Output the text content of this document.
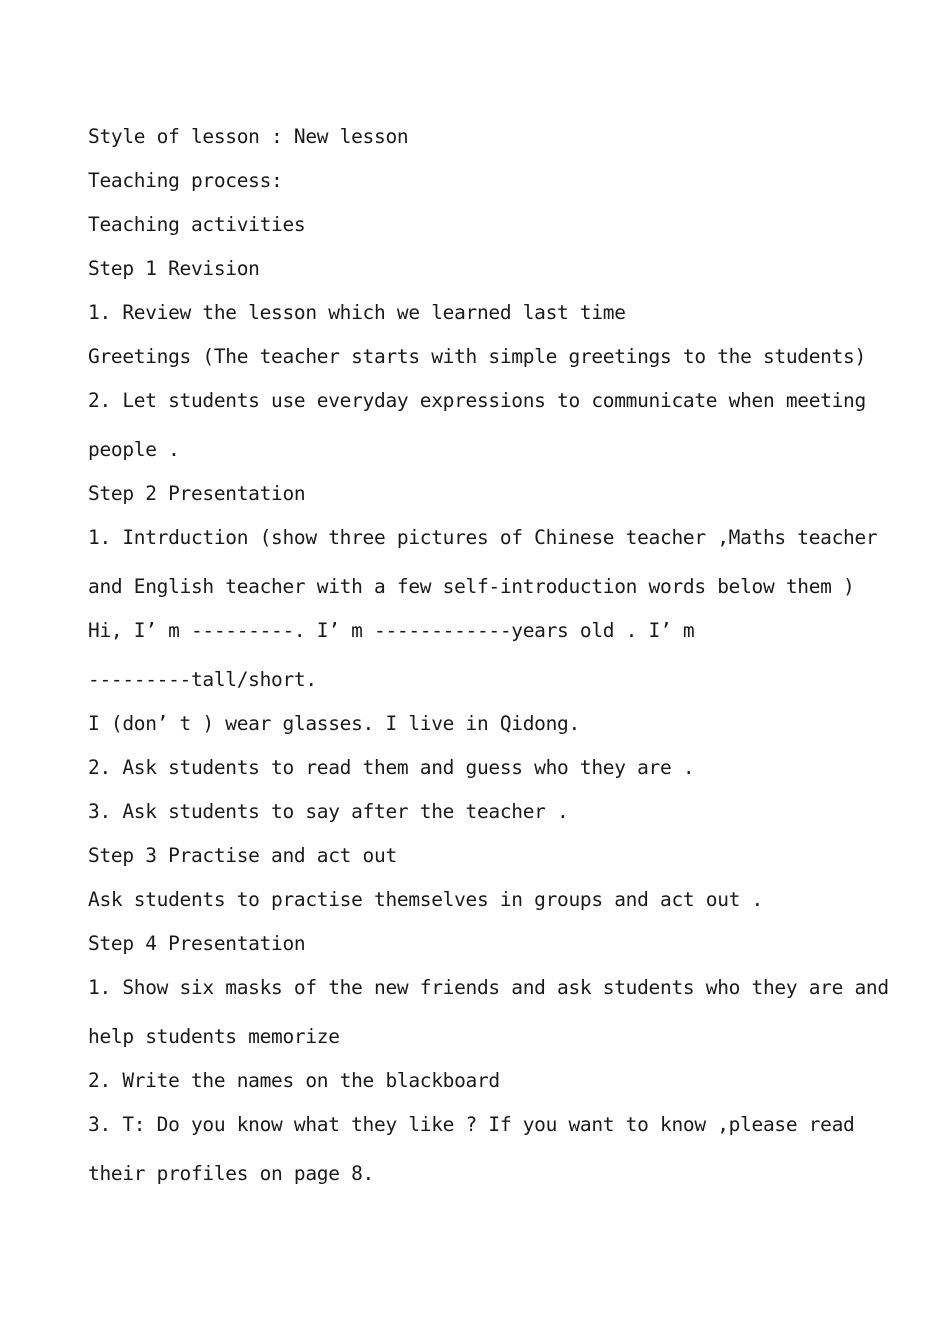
Style of lesson : New lesson
Teaching process:
Teaching activities
Step 1 Revision
1. Review the lesson which we learned last time
Greetings (The teacher starts with simple greetings to the students)
2. Let students use everyday expressions to communicate when meeting
people .
Step 2 Presentation
1. Intrduction (show three pictures of Chinese teacher ,Maths teacher
and English teacher with a few self-introduction words below them )
Hi, I’ m ---------. I’ m ------------years old . I’ m
---------tall/short.
I (don’ t ) wear glasses. I live in Qidong.
2. Ask students to read them and guess who they are .
3. Ask students to say after the teacher .
Step 3 Practise and act out
Ask students to practise themselves in groups and act out .
Step 4 Presentation
1. Show six masks of the new friends and ask students who they are and
help students memorize
2. Write the names on the blackboard
3. T: Do you know what they like ? If you want to know ,please read
their profiles on page 8.
